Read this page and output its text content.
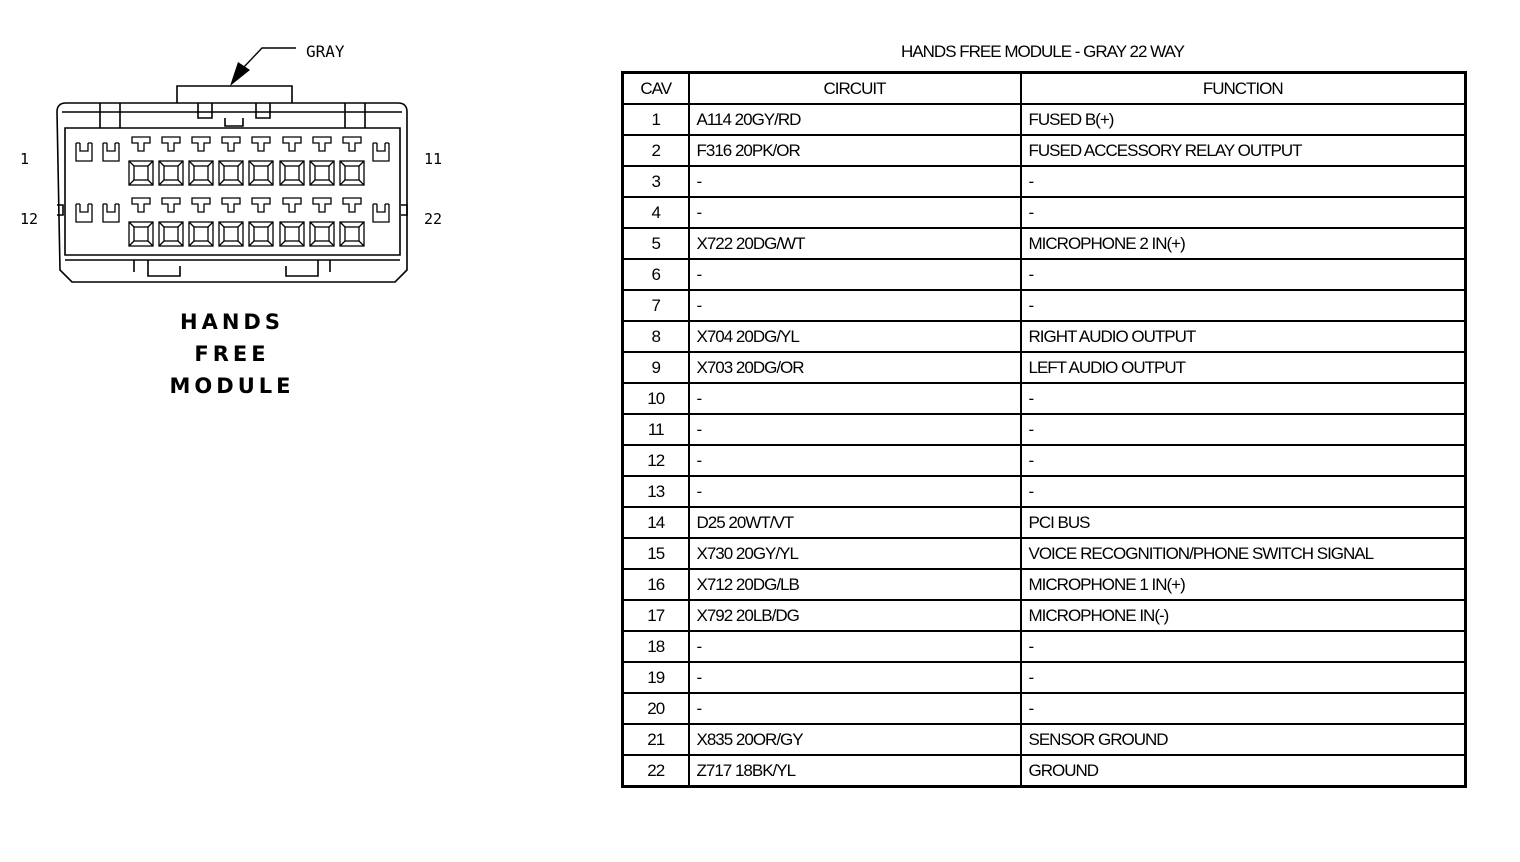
GRAY
1	11
12	22
HANDS
FREE
MODULE
HANDS FREE MODULE - GRAY 22 WAY
CAV	CIRCUIT	FUNCTION
1	A114 20GY/RD	FUSED B(+)
2	F316 20PK/OR	FUSED ACCESSORY RELAY OUTPUT
3	-	-
4	-	-
5	X722 20DG/WT	MICROPHONE 2 IN(+)
6	-	-
7	-	-
8	X704 20DG/YL	RIGHT AUDIO OUTPUT
9	X703 20DG/OR	LEFT AUDIO OUTPUT
10	-	-
11	-	-
12	-	-
13	-	-
14	D25 20WT/VT	PCI BUS
15	X730 20GY/YL	VOICE RECOGNITION/PHONE SWITCH SIGNAL
16	X712 20DG/LB	MICROPHONE 1 IN(+)
17	X792 20LB/DG	MICROPHONE IN(-)
18	-	-
19	-	-
20	-	-
21	X835 20OR/GY	SENSOR GROUND
22	Z717 18BK/YL	GROUND
